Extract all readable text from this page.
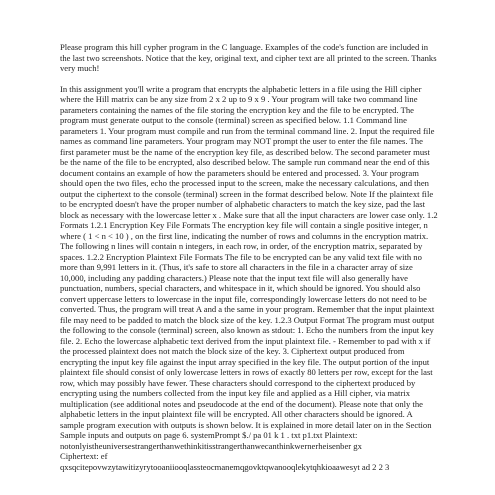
Please program this hill cypher program in the C language. Examples of the code's function are included in the last two screenshots. Notice that the key, original text, and cipher text are all printed to the screen. Thanks very much!

In this assignment you'll write a program that encrypts the alphabetic letters in a file using the Hill cipher where the Hill matrix can be any size from 2 x 2 up to 9 x 9 . Your program will take two command line parameters containing the names of the file storing the encryption key and the file to be encrypted. The program must generate output to the console (terminal) screen as specified below. 1.1 Command line parameters 1. Your program must compile and run from the terminal command line. 2. Input the required file names as command line parameters. Your program may NOT prompt the user to enter the file names. The first parameter must be the name of the encryption key file, as described below. The second parameter must be the name of the file to be encrypted, also described below. The sample run command near the end of this document contains an example of how the parameters should be entered and processed. 3. Your program should open the two files, echo the processed input to the screen, make the necessary calculations, and then output the ciphertext to the console (terminal) screen in the format described below. Note If the plaintext file to be encrypted doesn't have the proper number of alphabetic characters to match the key size, pad the last block as necessary with the lowercase letter x . Make sure that all the input characters are lower case only. 1.2 Formats 1.2.1 Encryption Key File Formats The encryption key file will contain a single positive integer, n where ( 1 < n < 10 ) , on the first line, indicating the number of rows and columns in the encryption matrix. The following n lines will contain n integers, in each row, in order, of the encryption matrix, separated by spaces. 1.2.2 Encryption Plaintext File Formats The file to be encrypted can be any valid text file with no more than 9,991 letters in it. (Thus, it's safe to store all characters in the file in a character array of size 10,000, including any padding characters.) Please note that the input text file will also generally have punctuation, numbers, special characters, and whitespace in it, which should be ignored. You should also convert uppercase letters to lowercase in the input file, correspondingly lowercase letters do not need to be converted. Thus, the program will treat A and a the same in your program. Remember that the input plaintext file may need to be padded to match the block size of the key. 1.2.3 Output Format The program must output the following to the console (terminal) screen, also known as stdout: 1. Echo the numbers from the input key file. 2. Echo the lowercase alphabetic text derived from the input plaintext file. - Remember to pad with x if the processed plaintext does not match the block size of the key. 3. Ciphertext output produced from encrypting the input key file against the input array specified in the key file. The output portion of the input plaintext file should consist of only lowercase letters in rows of exactly 80 letters per row, except for the last row, which may possibly have fewer. These characters should correspond to the ciphertext produced by encrypting using the numbers collected from the input key file and applied as a Hill cipher, via matrix multiplication (see additional notes and pseudocode at the end of the document). Please note that only the alphabetic letters in the input plaintext file will be encrypted. All other characters should be ignored. A sample program execution with outputs is shown below. It is explained in more detail later on in the Section Sample inputs and outputs on page 6. systemPrompt $./ pa 01 k 1 . txt p1.txt Plaintext:

notonlyistheuniversestrangerthanwethinkitisstrangerthanwecanthinkwernerheisenber gx
Ciphertext: ef
qxsqcitepovwzytawitizyrytooaniiooqlassteocmanemqgovktqwanooqlekytqhkioaawesyt ad 2 2 3
